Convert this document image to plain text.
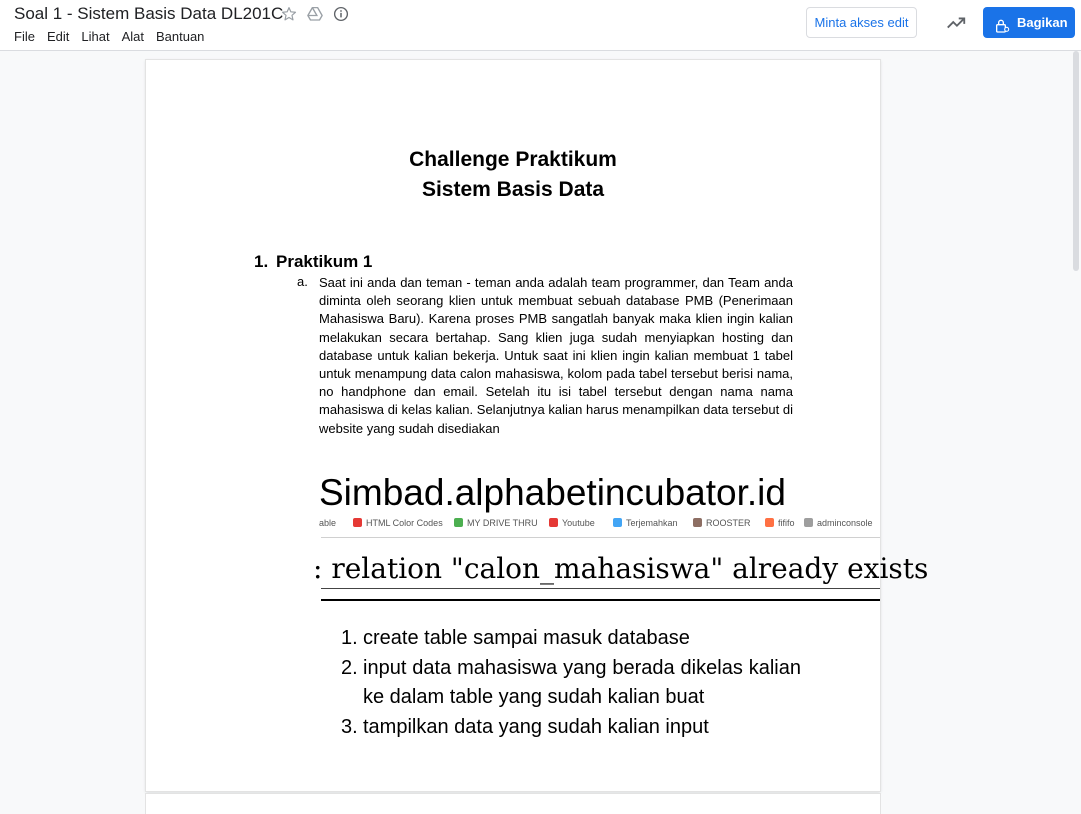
Soal 1 - Sistem Basis Data DL201C
File Edit Lihat Alat Bantuan
Minta akses edit	Bagikan
Challenge Praktikum
Sistem Basis Data
1. Praktikum 1
a. Saat ini anda dan teman - teman anda adalah team programmer, dan Team anda diminta oleh seorang klien untuk membuat sebuah database PMB (Penerimaan Mahasiswa Baru). Karena proses PMB sangatlah banyak maka klien ingin kalian melakukan secara bertahap. Sang klien juga sudah menyiapkan hosting dan database untuk kalian bekerja. Untuk saat ini klien ingin kalian membuat 1 tabel untuk menampung data calon mahasiswa, kolom pada tabel tersebut berisi nama, no handphone dan email. Setelah itu isi tabel tersebut dengan nama nama mahasiswa di kelas kalian. Selanjutnya kalian harus menampilkan data tersebut di website yang sudah disediakan
Simbad.alphabetincubator.id
able	HTML Color Codes	MY DRIVE THRU	Youtube	Terjemahkan	ROOSTER	fififo	adminconsole
: relation "calon_mahasiswa" already exists
1. create table sampai masuk database
2. input data mahasiswa yang berada dikelas kalian ke dalam table yang sudah kalian buat
3. tampilkan data yang sudah kalian input
